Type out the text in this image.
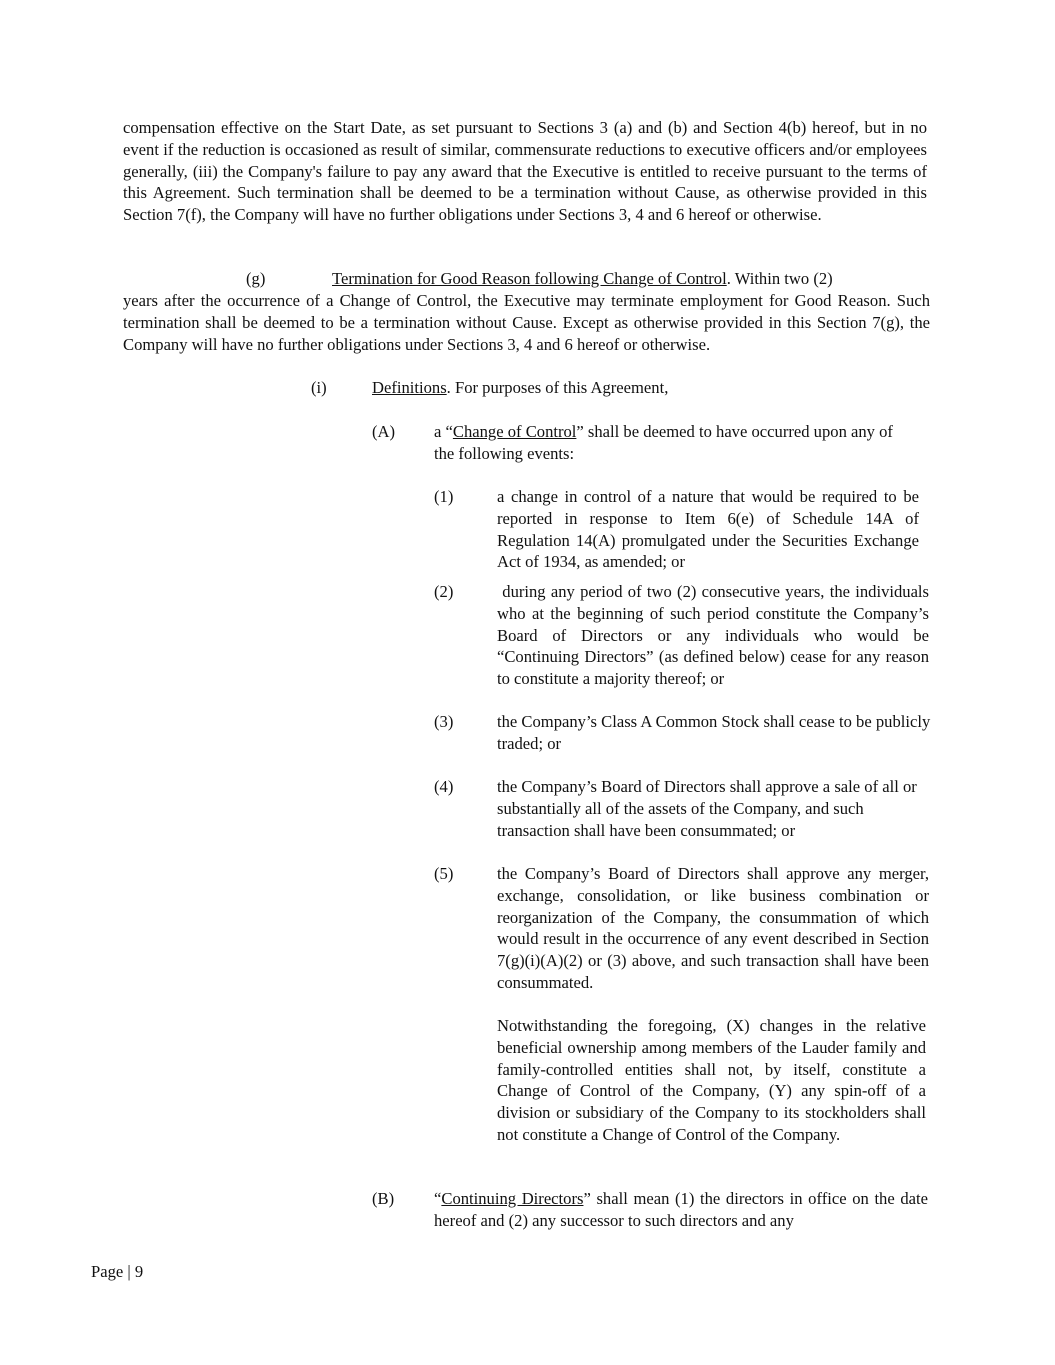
compensation effective on the Start Date, as set pursuant to Sections 3 (a) and (b) and Section 4(b) hereof, but in no event if the reduction is occasioned as result of similar, commensurate reductions to executive officers and/or employees generally, (iii) the Company's failure to pay any award that the Executive is entitled to receive pursuant to the terms of this Agreement. Such termination shall be deemed to be a termination without Cause, as otherwise provided in this Section 7(f), the Company will have no further obligations under Sections 3, 4 and 6 hereof or otherwise.

(g)	Termination for Good Reason following Change of Control. Within two (2)

years after the occurrence of a Change of Control, the Executive may terminate employment for Good Reason. Such termination shall be deemed to be a termination without Cause. Except as otherwise provided in this Section 7(g), the Company will have no further obligations under Sections 3, 4 and 6 hereof or otherwise.

(i)	Definitions. For purposes of this Agreement,

(A) a “Change of Control” shall be deemed to have occurred upon any of the following events:

(1)	a change in control of a nature that would be required to be reported in response to Item 6(e) of Schedule 14A of Regulation 14(A) promulgated under the Securities Exchange Act of 1934, as amended; or

(2)	during any period of two (2) consecutive years, the individuals who at the beginning of such period constitute the Company’s Board of Directors or any individuals who would be “Continuing Directors” (as defined below) cease for any reason to constitute a majority thereof; or

(3)	the Company’s Class A Common Stock shall cease to be publicly traded; or

(4)	the Company’s Board of Directors shall approve a sale of all or substantially all of the assets of the Company, and such transaction shall have been consummated; or

(5)	the Company’s Board of Directors shall approve any merger, exchange, consolidation, or like business combination or reorganization of the Company, the consummation of which would result in the occurrence of any event described in Section 7(g)(i)(A)(2) or (3) above, and such transaction shall have been consummated.

Notwithstanding the foregoing, (X) changes in the relative beneficial ownership among members of the Lauder family and family-controlled entities shall not, by itself, constitute a Change of Control of the Company, (Y) any spin-off of a division or subsidiary of the Company to its stockholders shall not constitute a Change of Control of the Company.

(B) “Continuing Directors” shall mean (1) the directors in office on the date hereof and (2) any successor to such directors and any

Page | 9
